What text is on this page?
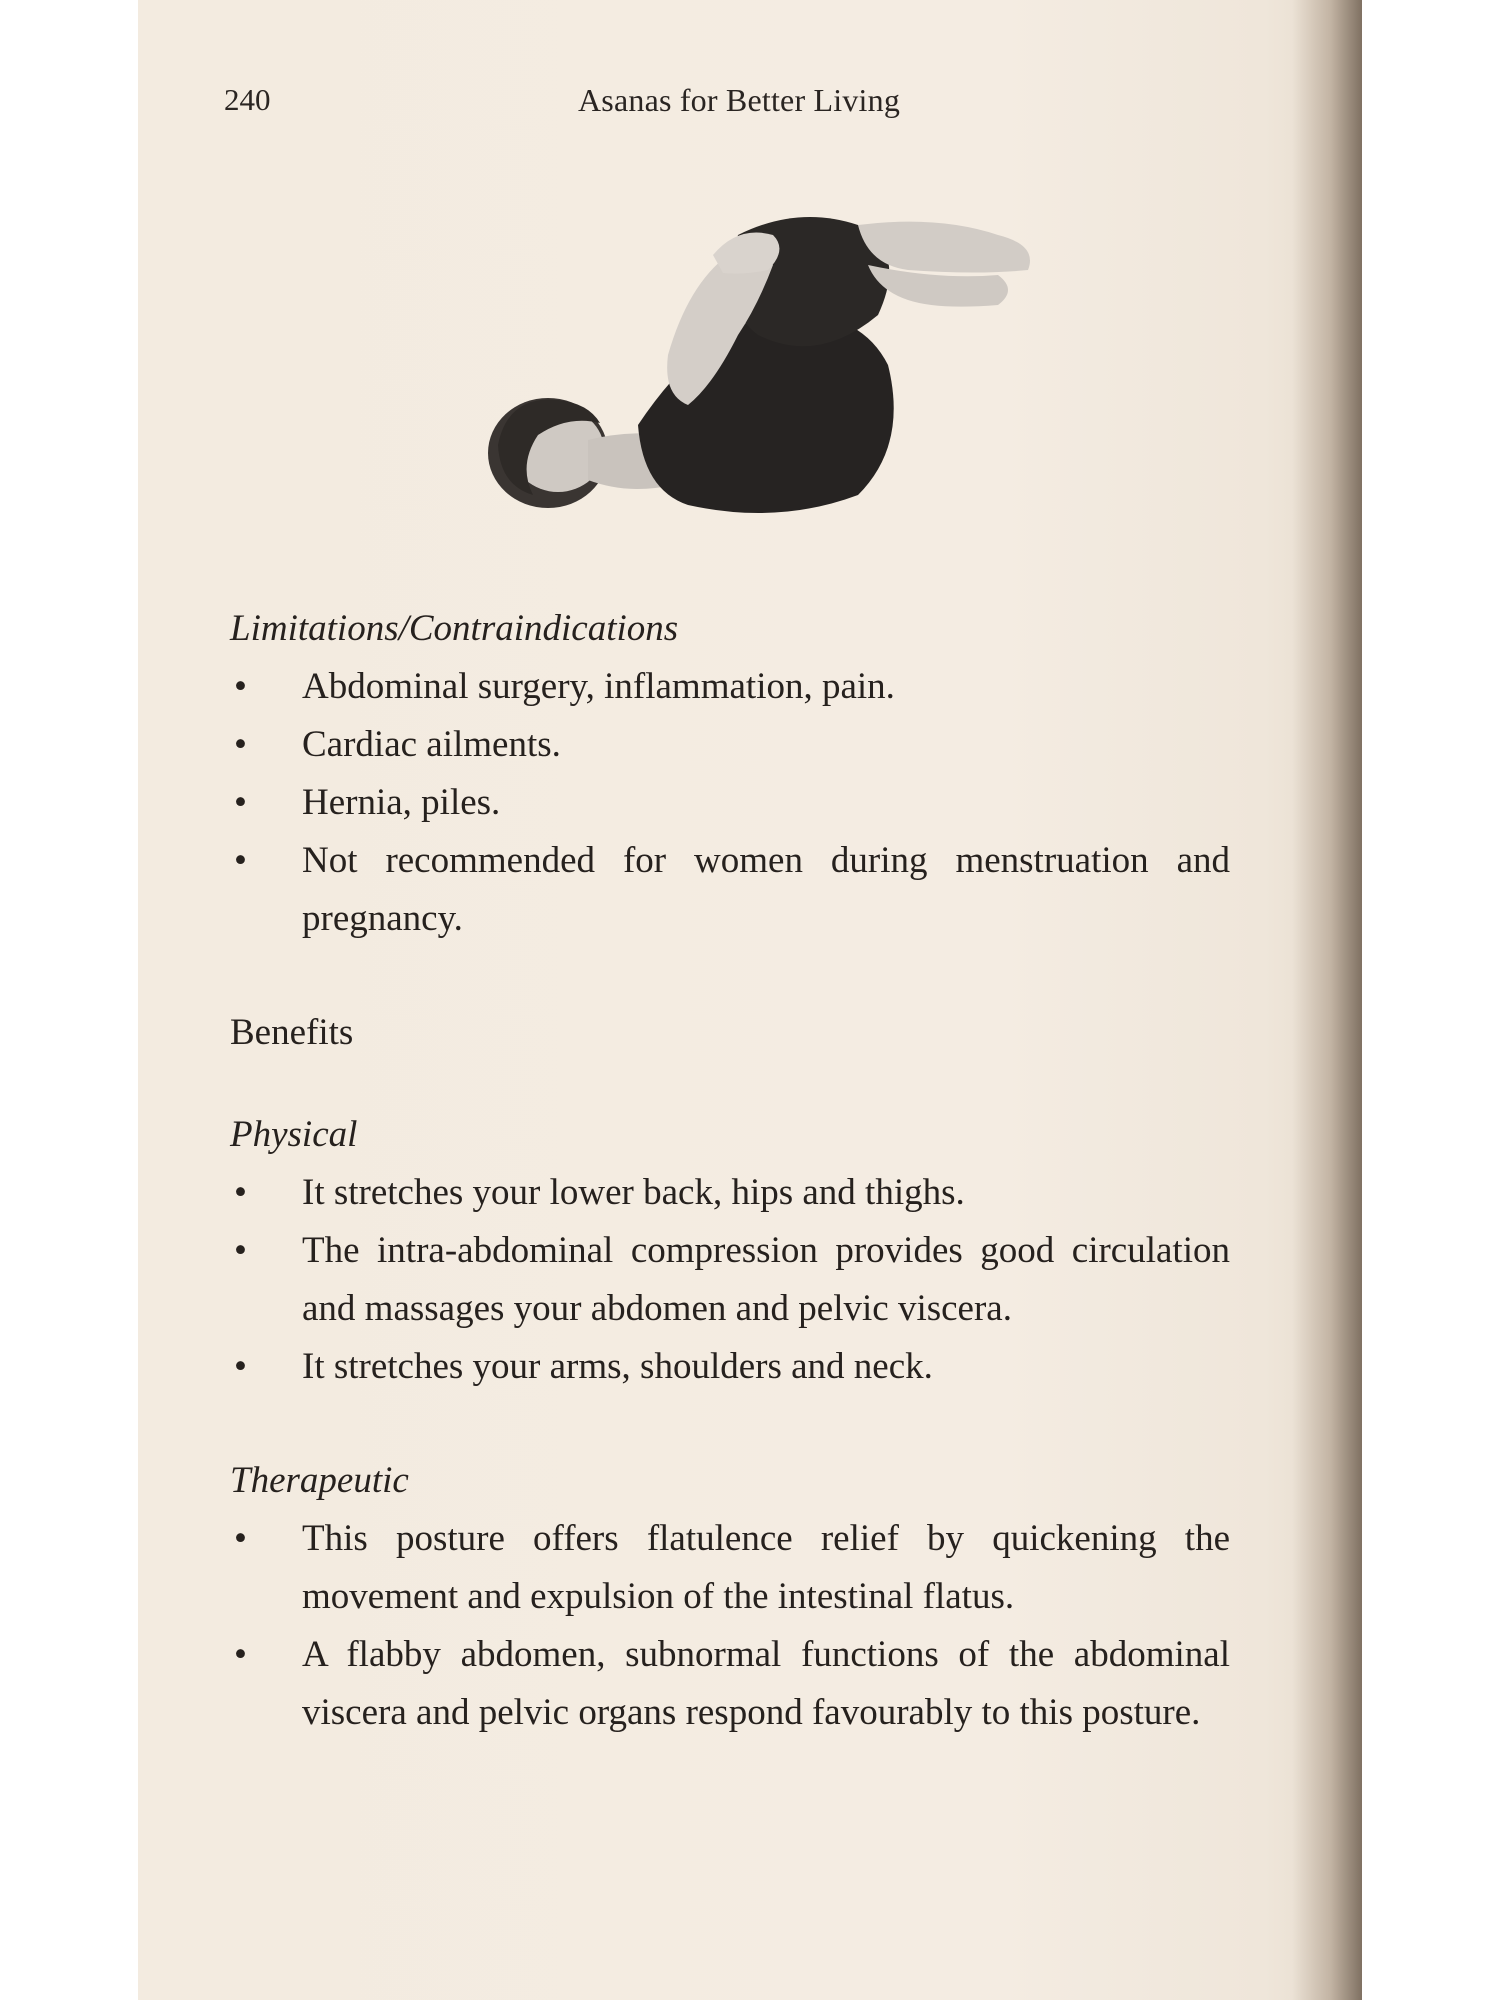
240	Asanas for Better Living

Limitations/Contraindications

• Abdominal surgery, inflammation, pain.
• Cardiac ailments.
• Hernia, piles.
• Not recommended for women during menstruation and pregnancy.

Benefits

Physical

• It stretches your lower back, hips and thighs.
• The intra-abdominal compression provides good circulation and massages your abdomen and pelvic viscera.
• It stretches your arms, shoulders and neck.

Therapeutic

• This posture offers flatulence relief by quickening the movement and expulsion of the intestinal flatus.
• A flabby abdomen, subnormal functions of the abdominal viscera and pelvic organs respond favourably to this posture.
